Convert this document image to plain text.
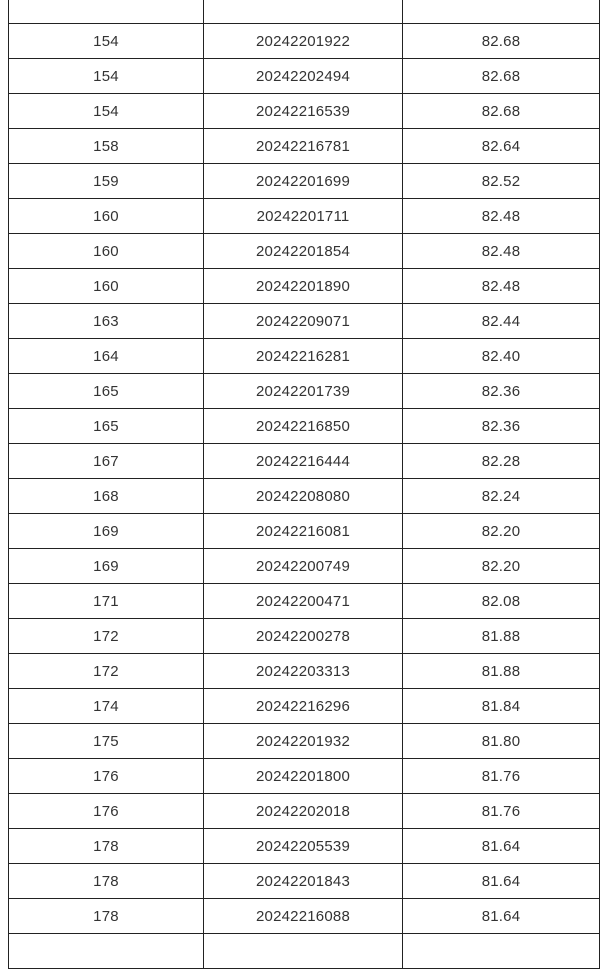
154	20242201922	82.68
154	20242202494	82.68
154	20242216539	82.68
158	20242216781	82.64
159	20242201699	82.52
160	20242201711	82.48
160	20242201854	82.48
160	20242201890	82.48
163	20242209071	82.44
164	20242216281	82.40
165	20242201739	82.36
165	20242216850	82.36
167	20242216444	82.28
168	20242208080	82.24
169	20242216081	82.20
169	20242200749	82.20
171	20242200471	82.08
172	20242200278	81.88
172	20242203313	81.88
174	20242216296	81.84
175	20242201932	81.80
176	20242201800	81.76
176	20242202018	81.76
178	20242205539	81.64
178	20242201843	81.64
178	20242216088	81.64
